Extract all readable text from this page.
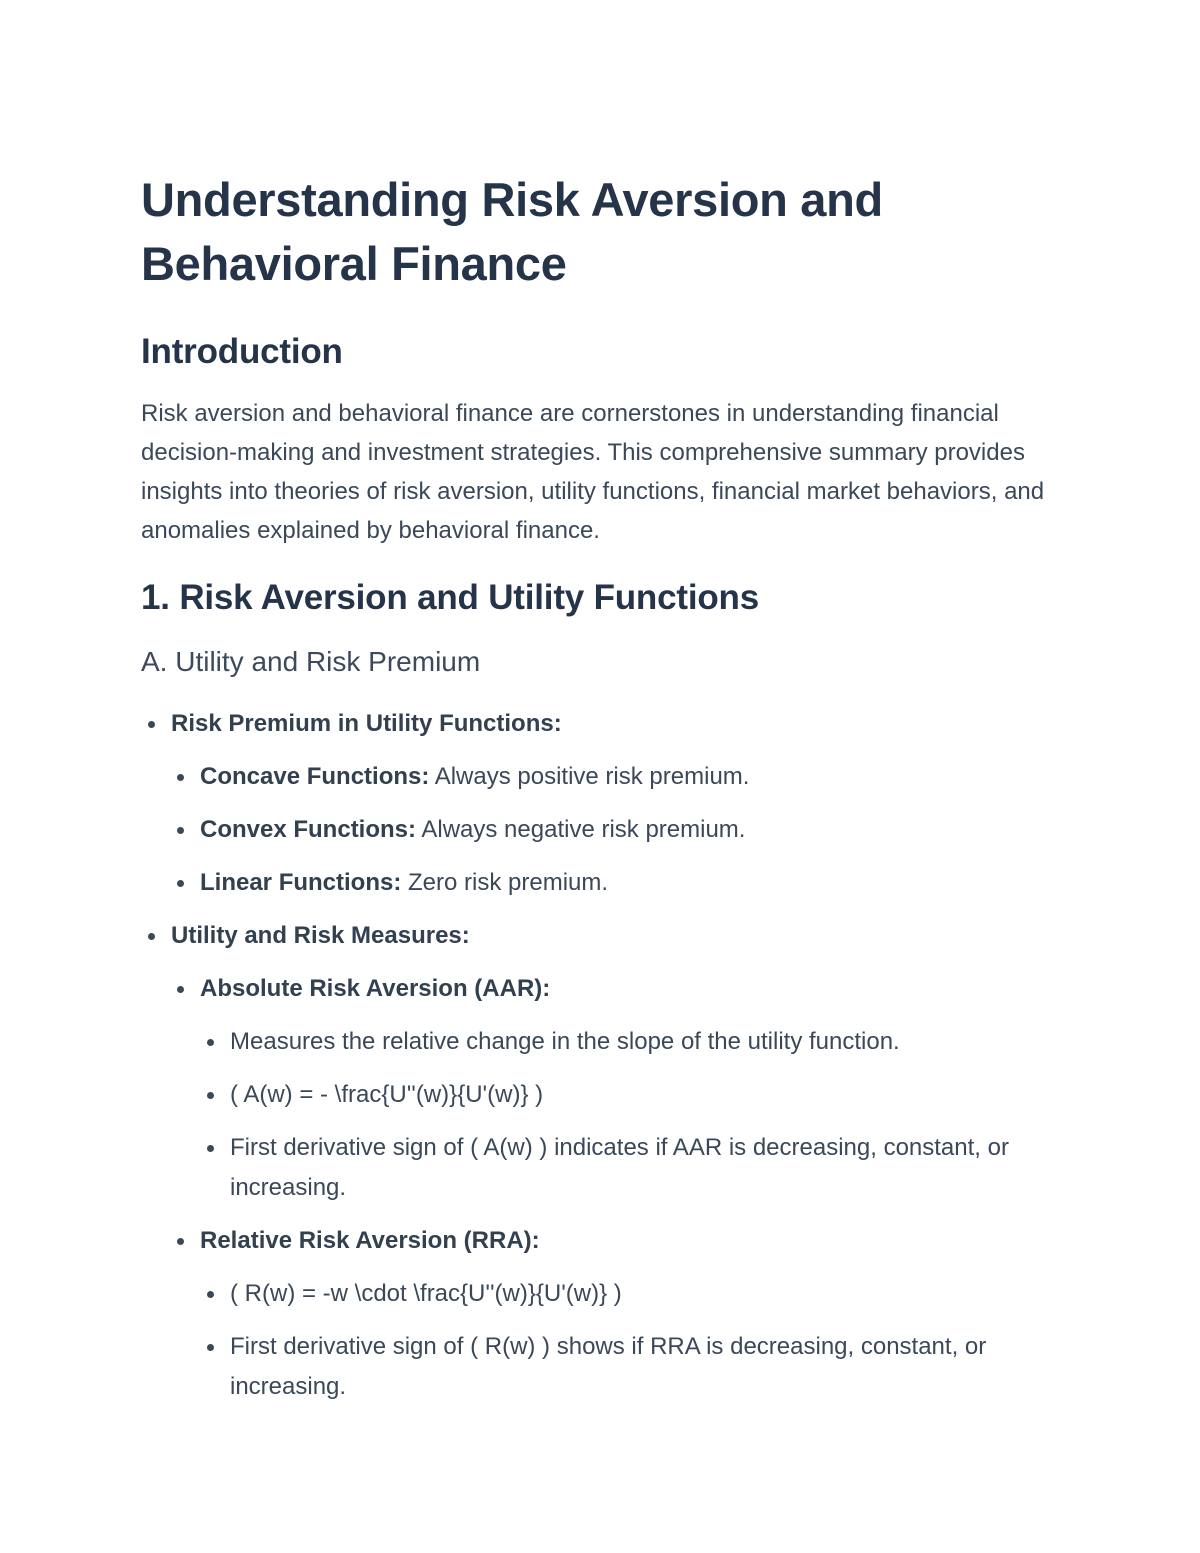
Understanding Risk Aversion and Behavioral Finance
Introduction

Risk aversion and behavioral finance are cornerstones in understanding financial decision-making and investment strategies. This comprehensive summary provides insights into theories of risk aversion, utility functions, financial market behaviors, and anomalies explained by behavioral finance.

1. Risk Aversion and Utility Functions
A. Utility and Risk Premium
Risk Premium in Utility Functions:
Concave Functions: Always positive risk premium.
Convex Functions: Always negative risk premium.
Linear Functions: Zero risk premium.
Utility and Risk Measures:
Absolute Risk Aversion (AAR):
Measures the relative change in the slope of the utility function.
( A(w) = - \frac{U''(w)}{U'(w)} )
First derivative sign of ( A(w) ) indicates if AAR is decreasing, constant, or increasing.
Relative Risk Aversion (RRA):
( R(w) = -w \cdot \frac{U''(w)}{U'(w)} )
First derivative sign of ( R(w) ) shows if RRA is decreasing, constant, or increasing.
